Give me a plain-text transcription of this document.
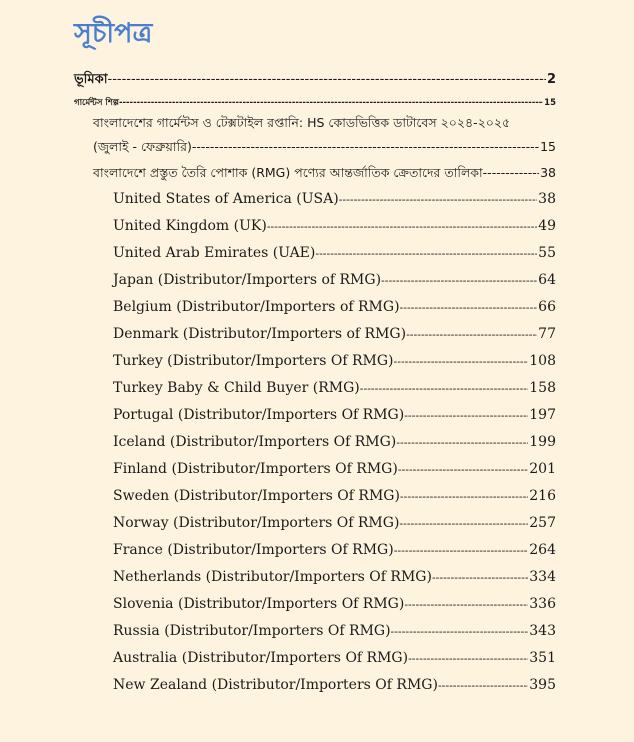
সূচীপত্র
ভূমিকা -----	2
গার্মেন্টস শিল্প -----	15
বাংলাদেশের গার্মেন্টস ও টেক্সটাইল রপ্তানি: HS কোডভিত্তিক ডাটাবেস ২০২৪-২০২৫
(জুলাই - ফেব্রুয়ারি) -----	15
বাংলাদেশে প্রস্তুত তৈরি পোশাক (RMG) পণ্যের আন্তর্জাতিক ক্রেতাদের তালিকা -----	38
United States of America (USA) -----	38
United Kingdom (UK) -----	49
United Arab Emirates (UAE) -----	55
Japan (Distributor/Importers of RMG) -----	64
Belgium (Distributor/Importers of RMG) -----	66
Denmark (Distributor/Importers of RMG) -----	77
Turkey (Distributor/Importers Of RMG) -----	108
Turkey Baby & Child Buyer (RMG) -----	158
Portugal (Distributor/Importers Of RMG) -----	197
Iceland (Distributor/Importers Of RMG) -----	199
Finland (Distributor/Importers Of RMG) -----	201
Sweden (Distributor/Importers Of RMG) -----	216
Norway (Distributor/Importers Of RMG) -----	257
France (Distributor/Importers Of RMG) -----	264
Netherlands (Distributor/Importers Of RMG) -----	334
Slovenia (Distributor/Importers Of RMG) -----	336
Russia (Distributor/Importers Of RMG) -----	343
Australia (Distributor/Importers Of RMG) -----	351
New Zealand (Distributor/Importers Of RMG) -----	395
